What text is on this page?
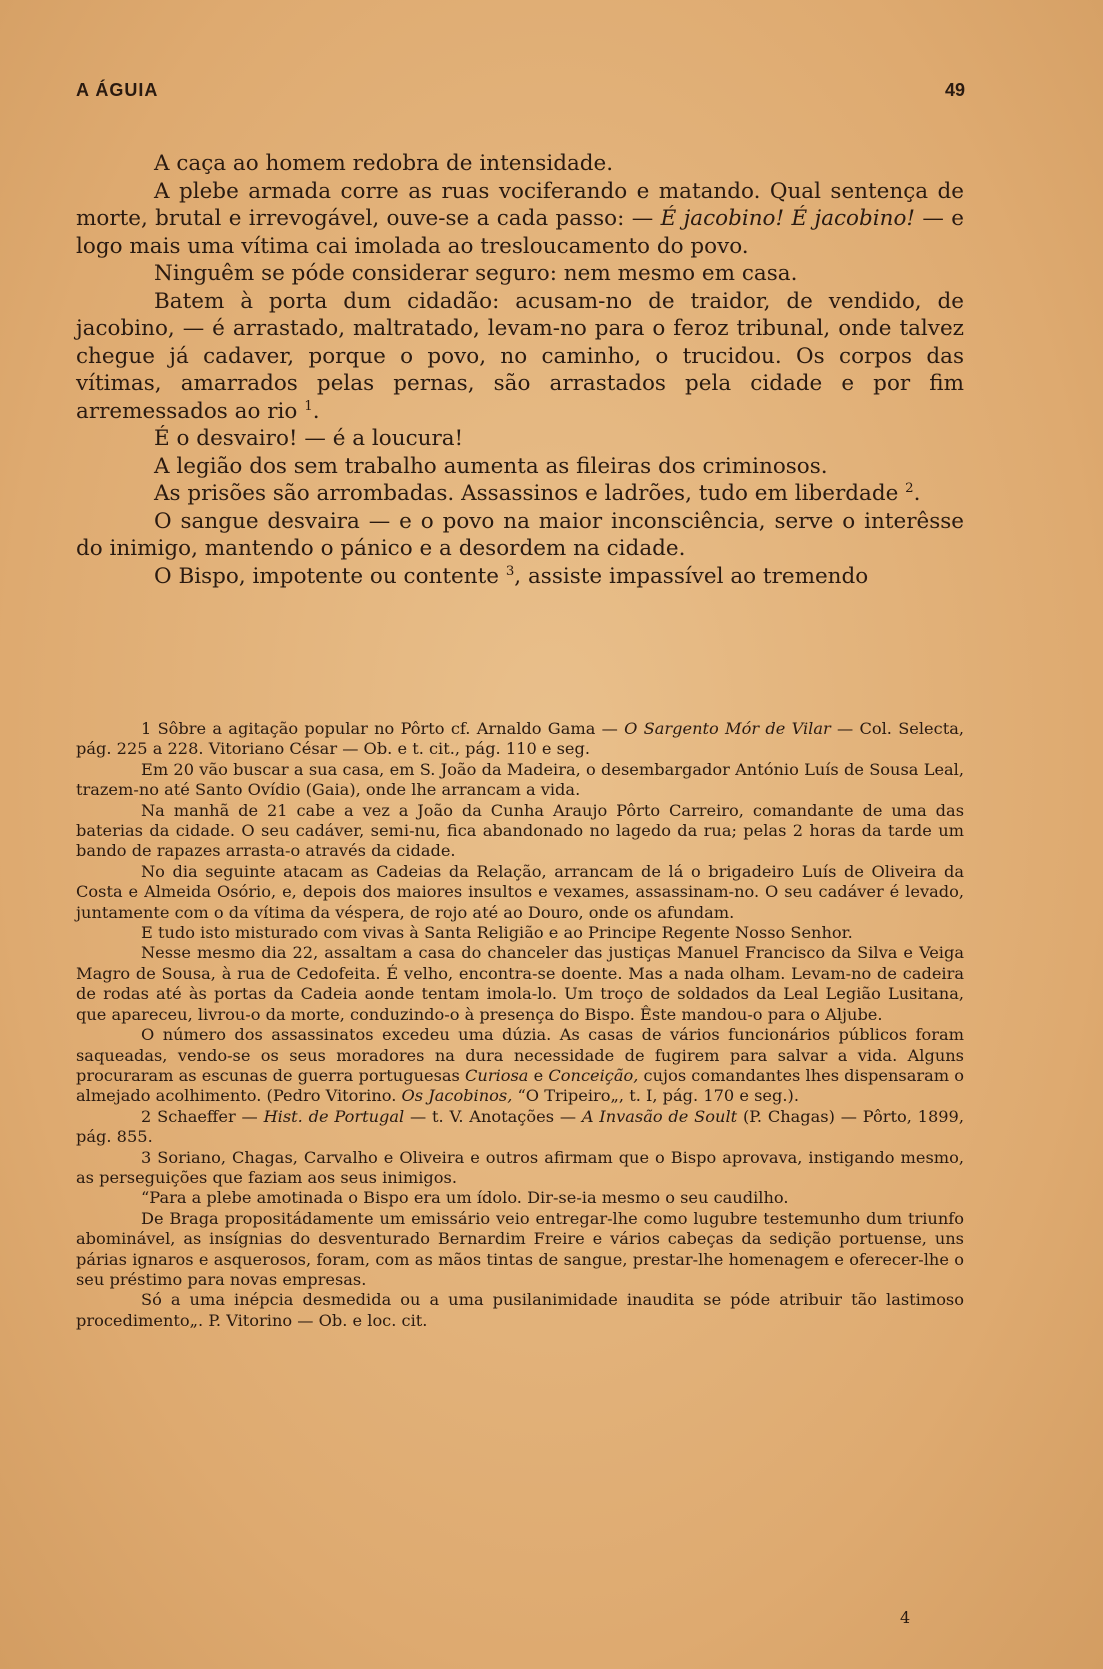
A ÁGUIA	49

A caça ao homem redobra de intensidade.

A plebe armada corre as ruas vociferando e matando. Qual sentença de morte, brutal e irrevogável, ouve-se a cada passo: — É jacobino! É jacobino! — e logo mais uma vítima cai imolada ao tresloucamento do povo.

Ninguêm se póde considerar seguro: nem mesmo em casa.

Batem à porta dum cidadão: acusam-no de traidor, de vendido, de jacobino, — é arrastado, maltratado, levam-no para o feroz tribunal, onde talvez chegue já cadaver, porque o povo, no caminho, o trucidou. Os corpos das vítimas, amarrados pelas pernas, são arrastados pela cidade e por fim arremessados ao rio $^1$.

É o desvairo! — é a loucura!

A legião dos sem trabalho aumenta as fileiras dos criminosos.

As prisões são arrombadas. Assassinos e ladrões, tudo em liberdade $^2$.

O sangue desvaira — e o povo na maior inconsciência, serve o interêsse do inimigo, mantendo o pánico e a desordem na cidade.

O Bispo, impotente ou contente $^3$, assiste impassível ao tremendo

1 Sôbre a agitação popular no Pôrto cf. Arnaldo Gama — O Sargento Mór de Vilar — Col. Selecta, pág. 225 a 228. Vitoriano César — Ob. e t. cit., pág. 110 e seg.

Em 20 vão buscar a sua casa, em S. João da Madeira, o desembargador António Luís de Sousa Leal, trazem-no até Santo Ovídio (Gaia), onde lhe arrancam a vida.

Na manhã de 21 cabe a vez a João da Cunha Araujo Pôrto Carreiro, comandante de uma das baterias da cidade. O seu cadáver, semi-nu, fica abandonado no lagedo da rua; pelas 2 horas da tarde um bando de rapazes arrasta-o através da cidade.

No dia seguinte atacam as Cadeias da Relação, arrancam de lá o brigadeiro Luís de Oliveira da Costa e Almeida Osório, e, depois dos maiores insultos e vexames, assassinam-no. O seu cadáver é levado, juntamente com o da vítima da véspera, de rojo até ao Douro, onde os afundam.

E tudo isto misturado com vivas à Santa Religião e ao Principe Regente Nosso Senhor.

Nesse mesmo dia 22, assaltam a casa do chanceler das justiças Manuel Francisco da Silva e Veiga Magro de Sousa, à rua de Cedofeita. É velho, encontra-se doente. Mas a nada olham. Levam-no de cadeira de rodas até às portas da Cadeia aonde tentam imola-lo. Um troço de soldados da Leal Legião Lusitana, que apareceu, livrou-o da morte, conduzindo-o à presença do Bispo. Êste mandou-o para o Aljube.

O número dos assassinatos excedeu uma dúzia. As casas de vários funcionários públicos foram saqueadas, vendo-se os seus moradores na dura necessidade de fugirem para salvar a vida. Alguns procuraram as escunas de guerra portuguesas Curiosa e Conceição, cujos comandantes lhes dispensaram o almejado acolhimento. (Pedro Vitorino. Os Jacobinos, “O Tripeiro„, t. I, pág. 170 e seg.).

2 Schaeffer — Hist. de Portugal — t. V. Anotações — A Invasão de Soult (P. Chagas) — Pôrto, 1899, pág. 855.

3 Soriano, Chagas, Carvalho e Oliveira e outros afirmam que o Bispo aprovava, instigando mesmo, as perseguições que faziam aos seus inimigos.

“Para a plebe amotinada o Bispo era um ídolo. Dir-se-ia mesmo o seu caudilho.

De Braga propositádamente um emissário veio entregar-lhe como lugubre testemunho dum triunfo abominável, as insígnias do desventurado Bernardim Freire e vários cabeças da sedição portuense, uns párias ignaros e asquerosos, foram, com as mãos tintas de sangue, prestar-lhe homenagem e oferecer-lhe o seu préstimo para novas empresas.

Só a uma inépcia desmedida ou a uma pusilanimidade inaudita se póde atribuir tão lastimoso procedimento„. P. Vitorino — Ob. e loc. cit.

4
